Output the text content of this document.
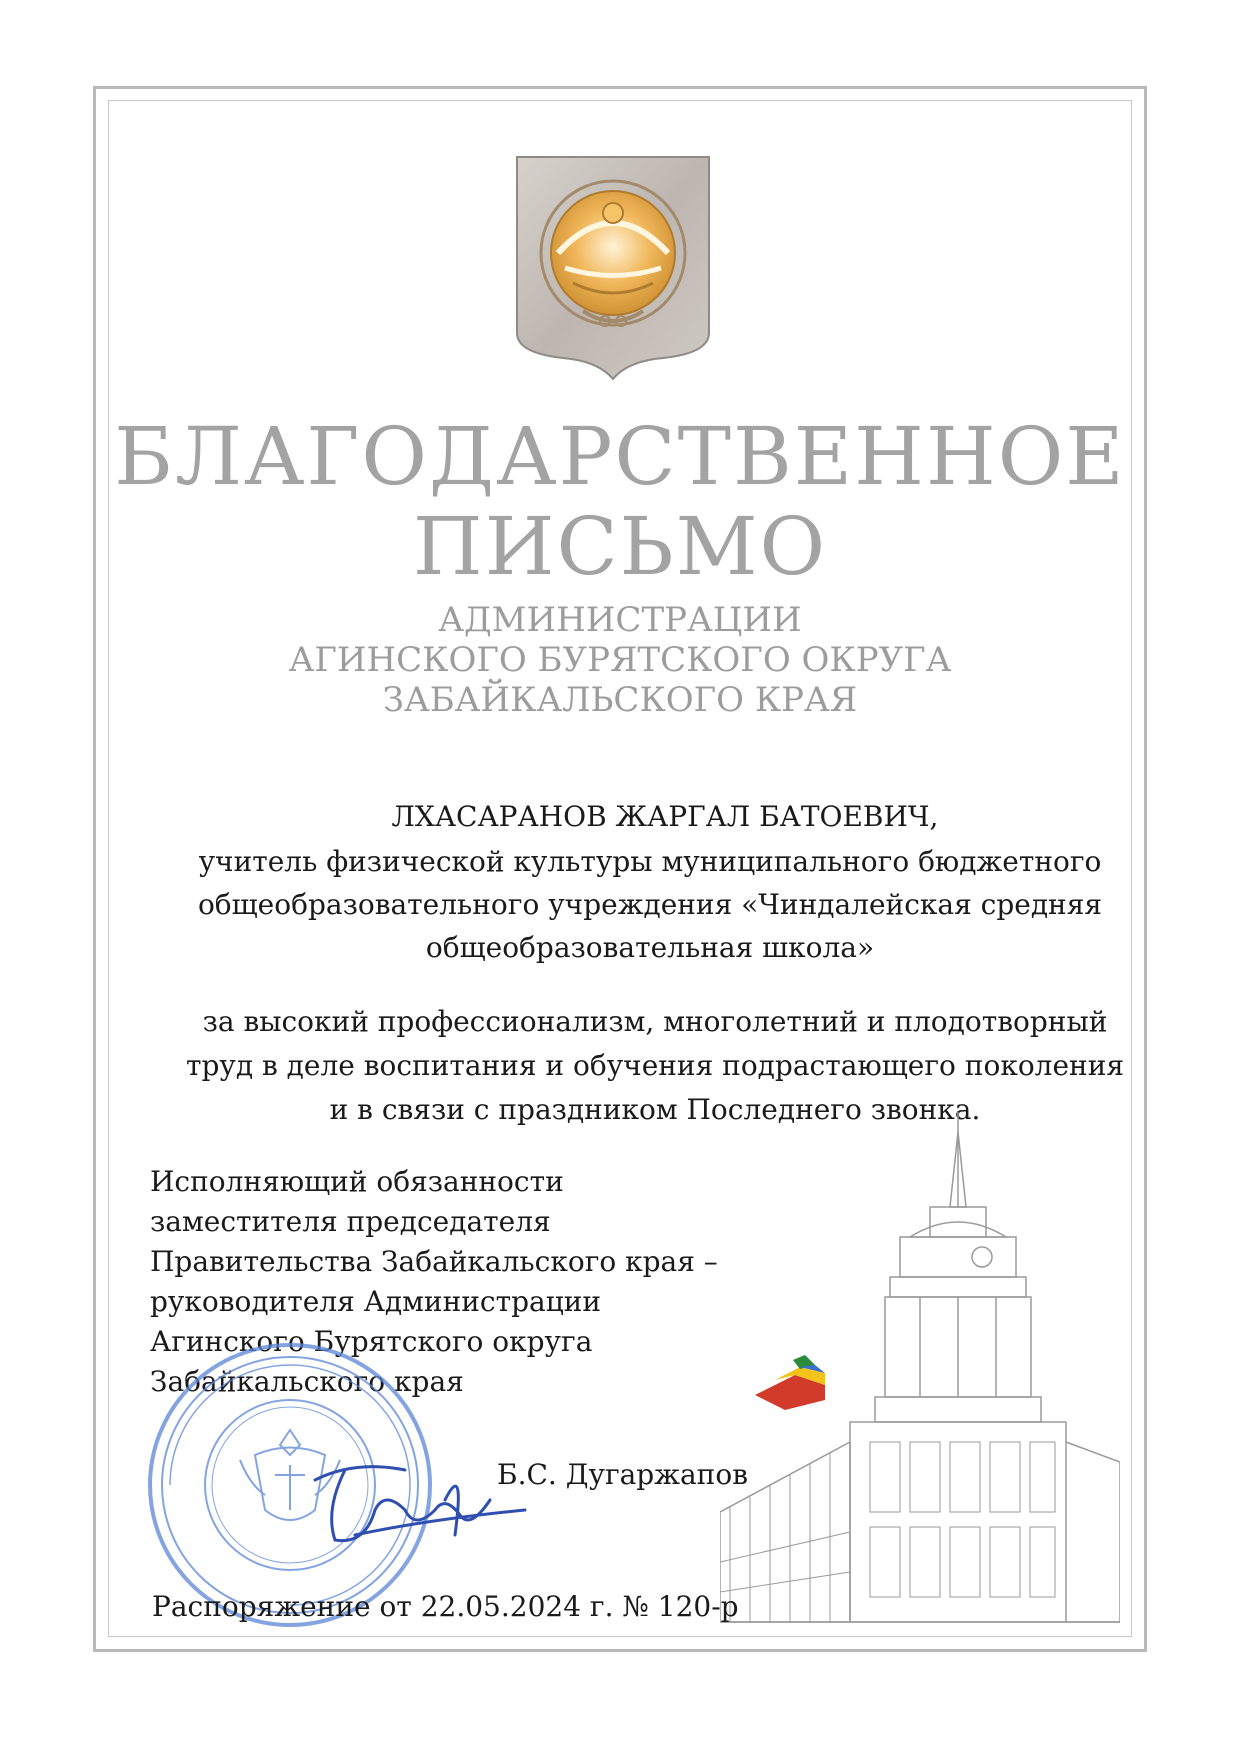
БЛАГОДАРСТВЕННОЕ
ПИСЬМО
АДМИНИСТРАЦИИ
АГИНСКОГО БУРЯТСКОГО ОКРУГА
ЗАБАЙКАЛЬСКОГО КРАЯ
ЛХАСАРАНОВ ЖАРГАЛ БАТОЕВИЧ,
учитель физической культуры муниципального бюджетного
общеобразовательного учреждения «Чиндалейская средняя
общеобразовательная школа»
за высокий профессионализм, многолетний и плодотворный
труд в деле воспитания и обучения подрастающего поколения
и в связи с праздником Последнего звонка.
Исполняющий обязанности
заместителя председателя
Правительства Забайкальского края –
руководителя Администрации
Агинского Бурятского округа
Забайкальского края
Б.С. Дугаржапов
Распоряжение от 22.05.2024 г. № 120-р
